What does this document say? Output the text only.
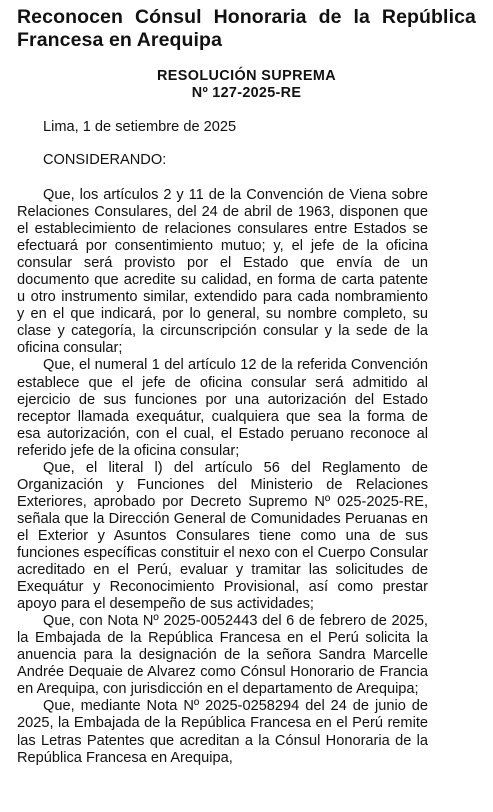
Reconocen Cónsul Honoraria de la República Francesa en Arequipa
RESOLUCIÓN SUPREMA
Nº 127-2025-RE

Lima, 1 de setiembre de 2025

CONSIDERANDO:

Que, los artículos 2 y 11 de la Convención de Viena sobre Relaciones Consulares, del 24 de abril de 1963, disponen que el establecimiento de relaciones consulares entre Estados se efectuará por consentimiento mutuo; y, el jefe de la oficina consular será provisto por el Estado que envía de un documento que acredite su calidad, en forma de carta patente u otro instrumento similar, extendido para cada nombramiento y en el que indicará, por lo general, su nombre completo, su clase y categoría, la circunscripción consular y la sede de la oficina consular;

Que, el numeral 1 del artículo 12 de la referida Convención establece que el jefe de oficina consular será admitido al ejercicio de sus funciones por una autorización del Estado receptor llamada exequátur, cualquiera que sea la forma de esa autorización, con el cual, el Estado peruano reconoce al referido jefe de la oficina consular;

Que, el literal l) del artículo 56 del Reglamento de Organización y Funciones del Ministerio de Relaciones Exteriores, aprobado por Decreto Supremo Nº 025-2025-RE, señala que la Dirección General de Comunidades Peruanas en el Exterior y Asuntos Consulares tiene como una de sus funciones específicas constituir el nexo con el Cuerpo Consular acreditado en el Perú, evaluar y tramitar las solicitudes de Exequátur y Reconocimiento Provisional, así como prestar apoyo para el desempeño de sus actividades;

Que, con Nota Nº 2025-0052443 del 6 de febrero de 2025, la Embajada de la República Francesa en el Perú solicita la anuencia para la designación de la señora Sandra Marcelle Andrée Dequaie de Alvarez como Cónsul Honorario de Francia en Arequipa, con jurisdicción en el departamento de Arequipa;

Que, mediante Nota Nº 2025-0258294 del 24 de junio de 2025, la Embajada de la República Francesa en el Perú remite las Letras Patentes que acreditan a la Cónsul Honoraria de la República Francesa en Arequipa,
